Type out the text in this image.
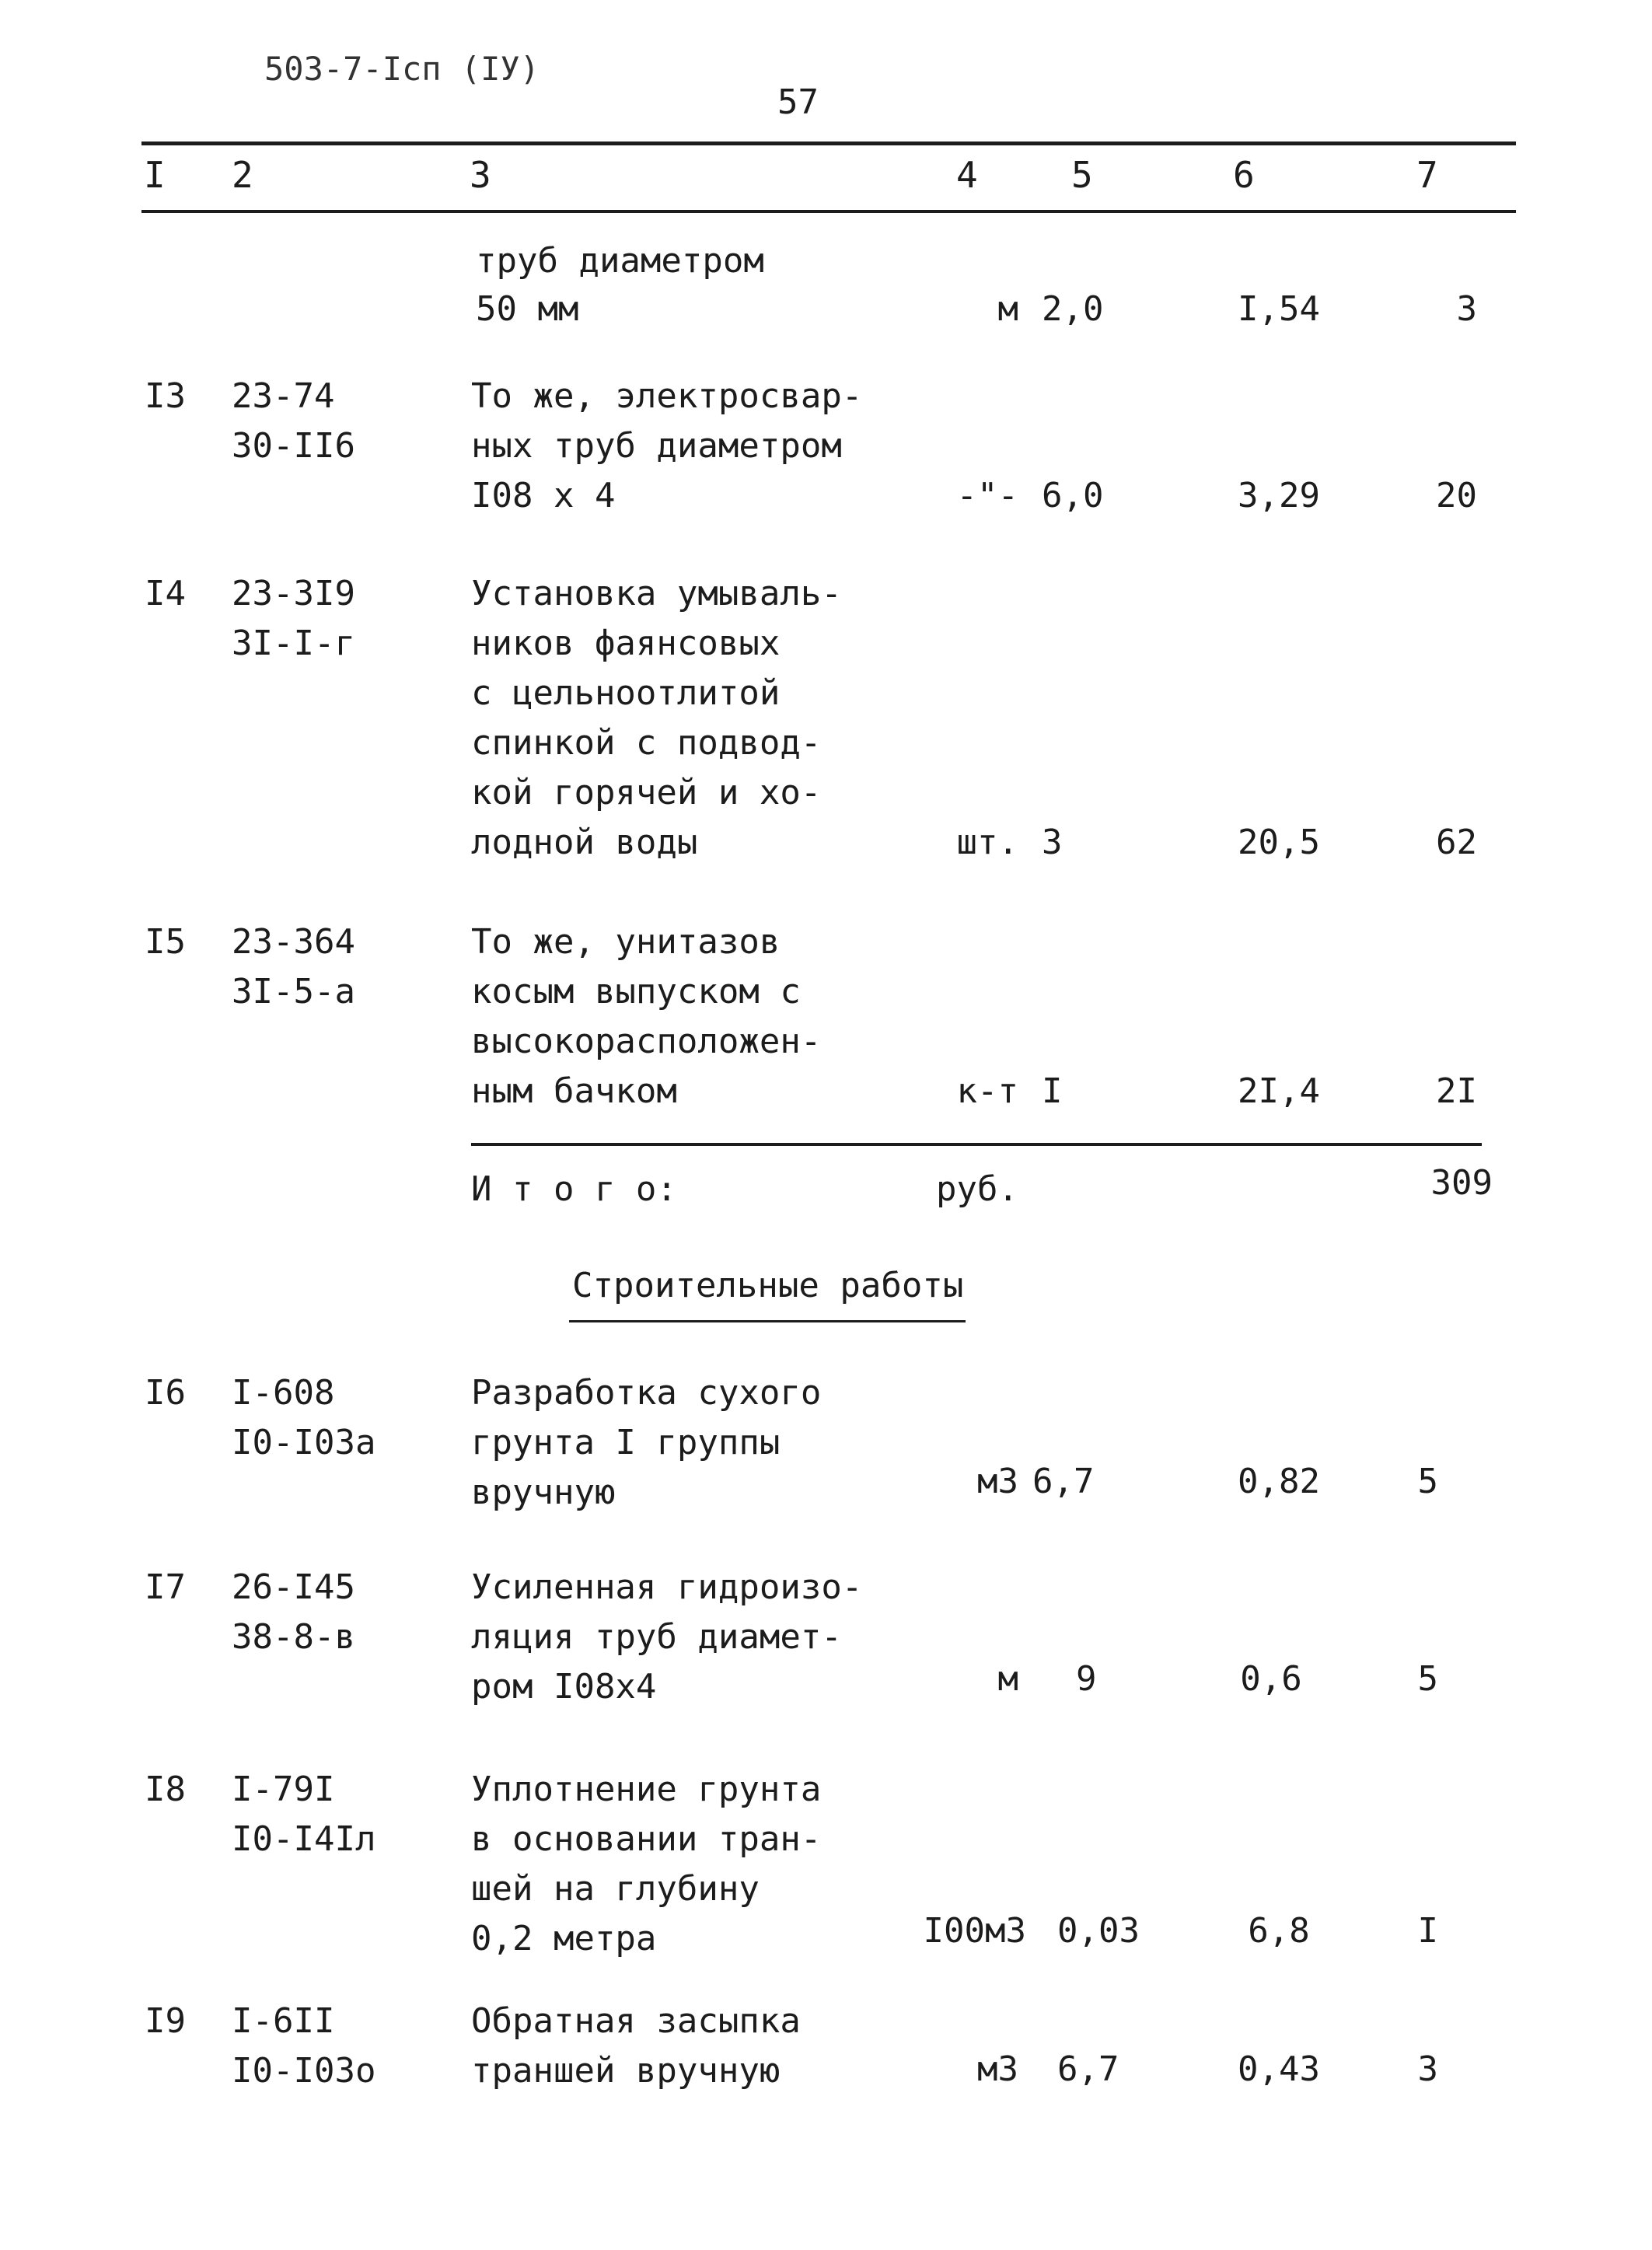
503-7-Iсп (IУ)
57
I 2	3	4	5	6	7
труб диаметром
50 мм	м 2,0	I,54	3
I3 23-74
30-II6
То же, электросвар-
ных труб диаметром
I08 х 4	-"- 6,0	3,29	20
I4 23-3I9
3I-I-г
Установка умываль-
ников фаянсовых
с цельноотлитой
спинкой с подвод-
кой горячей и хо-
лодной воды	шт. 3	20,5	62
I5 23-364
3I-5-а
То же, унитазов
косым выпуском с
высокорасположен-
ным бачком	к-т I	2I,4	2I
И т о г о:	руб.	309
Строительные работы
I6 I-608
I0-I03а
Разработка сухого
грунта I группы
вручную	м3 6,7	0,82	5
I7 26-I45
38-8-в
Усиленная гидроизо-
ляция труб диамет-
ром I08х4	м 9	0,6	5
I8 I-79I
I0-I4Iл
Уплотнение грунта
в основании тран-
шей на глубину
0,2 метра	I00м3 0,03	6,8	I
I9 I-6II
I0-I03о
Обратная засыпка
траншей вручную	м3 6,7	0,43	3
